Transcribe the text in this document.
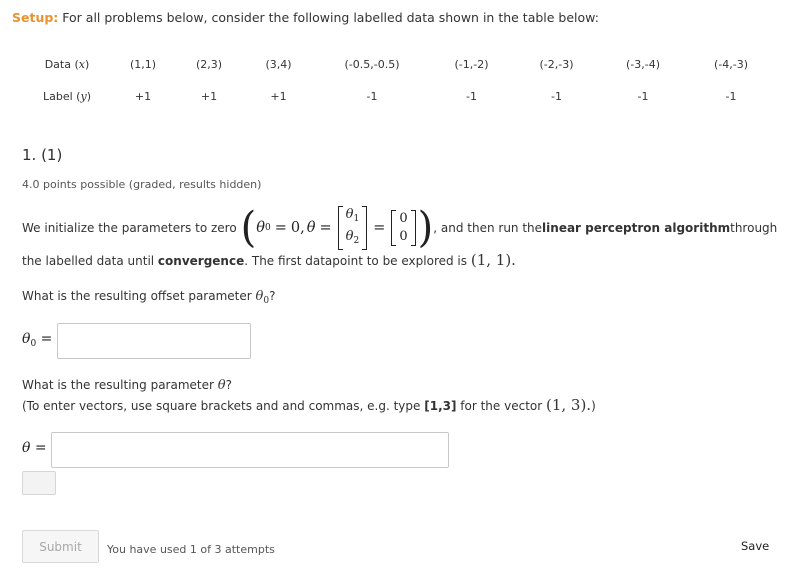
Setup: For all problems below, consider the following labelled data shown in the table below:
Data (x)	(1,1)	(2,3)	(3,4)	(-0.5,-0.5)	(-1,-2)	(-2,-3)	(-3,-4)	(-4,-3)
Label (y)	+1	+1	+1	-1	-1	-1	-1	-1
1. (1)
4.0 points possible (graded, results hidden)
We initialize the parameters to zero ( θ 0 = 0 , θ =
$\theta_1$
$\theta_2$
=
0
0 ) , and then run the linear perceptron algorithm through
the labelled data until convergence. The first datapoint to be explored is (1, 1).
What is the resulting offset parameter $\theta_0$?
$\theta_0$ =
What is the resulting parameter θ?
(To enter vectors, use square brackets and and commas, e.g. type [1,3] for the vector (1, 3).)
θ =
Submit	You have used 1 of 3 attempts	Save
